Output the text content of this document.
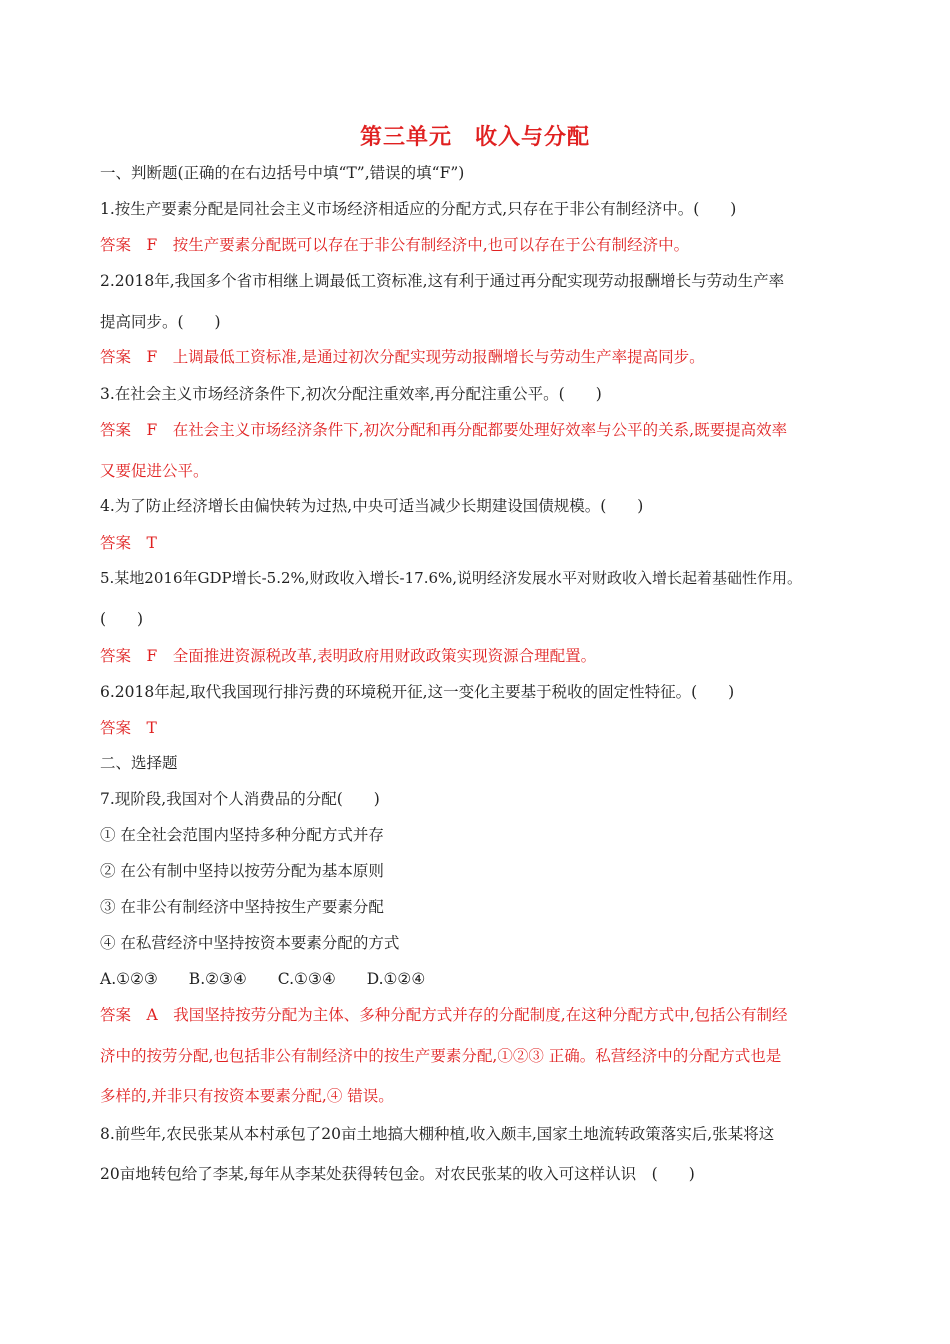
第三单元　收入与分配
一、判断题(正确的在右边括号中填“T”,错误的填“F”)
1.按生产要素分配是同社会主义市场经济相适应的分配方式,只存在于非公有制经济中。(　　)
答案　F　按生产要素分配既可以存在于非公有制经济中,也可以存在于公有制经济中。
2.2018年,我国多个省市相继上调最低工资标准,这有利于通过再分配实现劳动报酬增长与劳动生产率
提高同步。(　　)
答案　F　上调最低工资标准,是通过初次分配实现劳动报酬增长与劳动生产率提高同步。
3.在社会主义市场经济条件下,初次分配注重效率,再分配注重公平。(　　)
答案　F　在社会主义市场经济条件下,初次分配和再分配都要处理好效率与公平的关系,既要提高效率
又要促进公平。
4.为了防止经济增长由偏快转为过热,中央可适当减少长期建设国债规模。(　　)
答案　T
5.某地2016年GDP增长-5.2%,财政收入增长-17.6%,说明经济发展水平对财政收入增长起着基础性作用。
(　　)
答案　F　全面推进资源税改革,表明政府用财政政策实现资源合理配置。
6.2018年起,取代我国现行排污费的环境税开征,这一变化主要基于税收的固定性特征。(　　)
答案　T
二、选择题
7.现阶段,我国对个人消费品的分配(　　)
① 在全社会范围内坚持多种分配方式并存
② 在公有制中坚持以按劳分配为基本原则
③ 在非公有制经济中坚持按生产要素分配
④ 在私营经济中坚持按资本要素分配的方式
A.①②③　　B.②③④　　C.①③④　　D.①②④
答案　A　我国坚持按劳分配为主体、多种分配方式并存的分配制度,在这种分配方式中,包括公有制经
济中的按劳分配,也包括非公有制经济中的按生产要素分配,①②③ 正确。私营经济中的分配方式也是
多样的,并非只有按资本要素分配,④ 错误。
8.前些年,农民张某从本村承包了20亩土地搞大棚种植,收入颇丰,国家土地流转政策落实后,张某将这
20亩地转包给了李某,每年从李某处获得转包金。对农民张某的收入可这样认识　(　　)
